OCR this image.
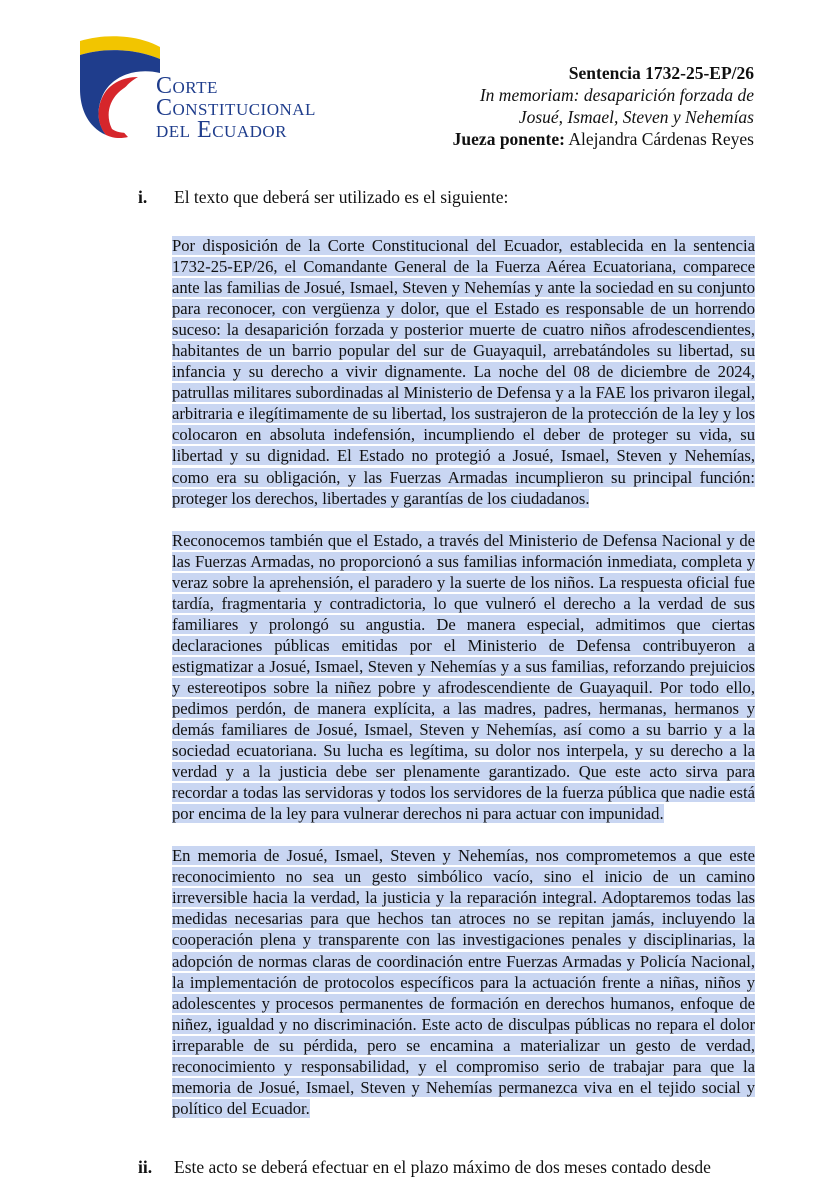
Corte
Constitucional
del Ecuador
Sentencia 1732-25-EP/26
In memoriam: desaparición forzada de
Josué, Ismael, Steven y Nehemías
Jueza ponente: Alejandra Cárdenas Reyes
i.	El texto que deberá ser utilizado es el siguiente:

Por disposición de la Corte Constitucional del Ecuador, establecida en la sentencia 1732-25-EP/26, el Comandante General de la Fuerza Aérea Ecuatoriana, comparece ante las familias de Josué, Ismael, Steven y Nehemías y ante la sociedad en su conjunto para reconocer, con vergüenza y dolor, que el Estado es responsable de un horrendo suceso: la desaparición forzada y posterior muerte de cuatro niños afrodescendientes, habitantes de un barrio popular del sur de Guayaquil, arrebatándoles su libertad, su infancia y su derecho a vivir dignamente. La noche del 08 de diciembre de 2024, patrullas militares subordinadas al Ministerio de Defensa y a la FAE los privaron ilegal, arbitraria e ilegítimamente de su libertad, los sustrajeron de la protección de la ley y los colocaron en absoluta indefensión, incumpliendo el deber de proteger su vida, su libertad y su dignidad. El Estado no protegió a Josué, Ismael, Steven y Nehemías, como era su obligación, y las Fuerzas Armadas incumplieron su principal función: proteger los derechos, libertades y garantías de los ciudadanos.

Reconocemos también que el Estado, a través del Ministerio de Defensa Nacional y de las Fuerzas Armadas, no proporcionó a sus familias información inmediata, completa y veraz sobre la aprehensión, el paradero y la suerte de los niños. La respuesta oficial fue tardía, fragmentaria y contradictoria, lo que vulneró el derecho a la verdad de sus familiares y prolongó su angustia. De manera especial, admitimos que ciertas declaraciones públicas emitidas por el Ministerio de Defensa contribuyeron a estigmatizar a Josué, Ismael, Steven y Nehemías y a sus familias, reforzando prejuicios y estereotipos sobre la niñez pobre y afrodescendiente de Guayaquil. Por todo ello, pedimos perdón, de manera explícita, a las madres, padres, hermanas, hermanos y demás familiares de Josué, Ismael, Steven y Nehemías, así como a su barrio y a la sociedad ecuatoriana. Su lucha es legítima, su dolor nos interpela, y su derecho a la verdad y a la justicia debe ser plenamente garantizado. Que este acto sirva para recordar a todas las servidoras y todos los servidores de la fuerza pública que nadie está por encima de la ley para vulnerar derechos ni para actuar con impunidad.

En memoria de Josué, Ismael, Steven y Nehemías, nos comprometemos a que este reconocimiento no sea un gesto simbólico vacío, sino el inicio de un camino irreversible hacia la verdad, la justicia y la reparación integral. Adoptaremos todas las medidas necesarias para que hechos tan atroces no se repitan jamás, incluyendo la cooperación plena y transparente con las investigaciones penales y disciplinarias, la adopción de normas claras de coordinación entre Fuerzas Armadas y Policía Nacional, la implementación de protocolos específicos para la actuación frente a niñas, niños y adolescentes y procesos permanentes de formación en derechos humanos, enfoque de niñez, igualdad y no discriminación. Este acto de disculpas públicas no repara el dolor irreparable de su pérdida, pero se encamina a materializar un gesto de verdad, reconocimiento y responsabilidad, y el compromiso serio de trabajar para que la memoria de Josué, Ismael, Steven y Nehemías permanezca viva en el tejido social y político del Ecuador.

ii.	Este acto se deberá efectuar en el plazo máximo de dos meses contado desde
